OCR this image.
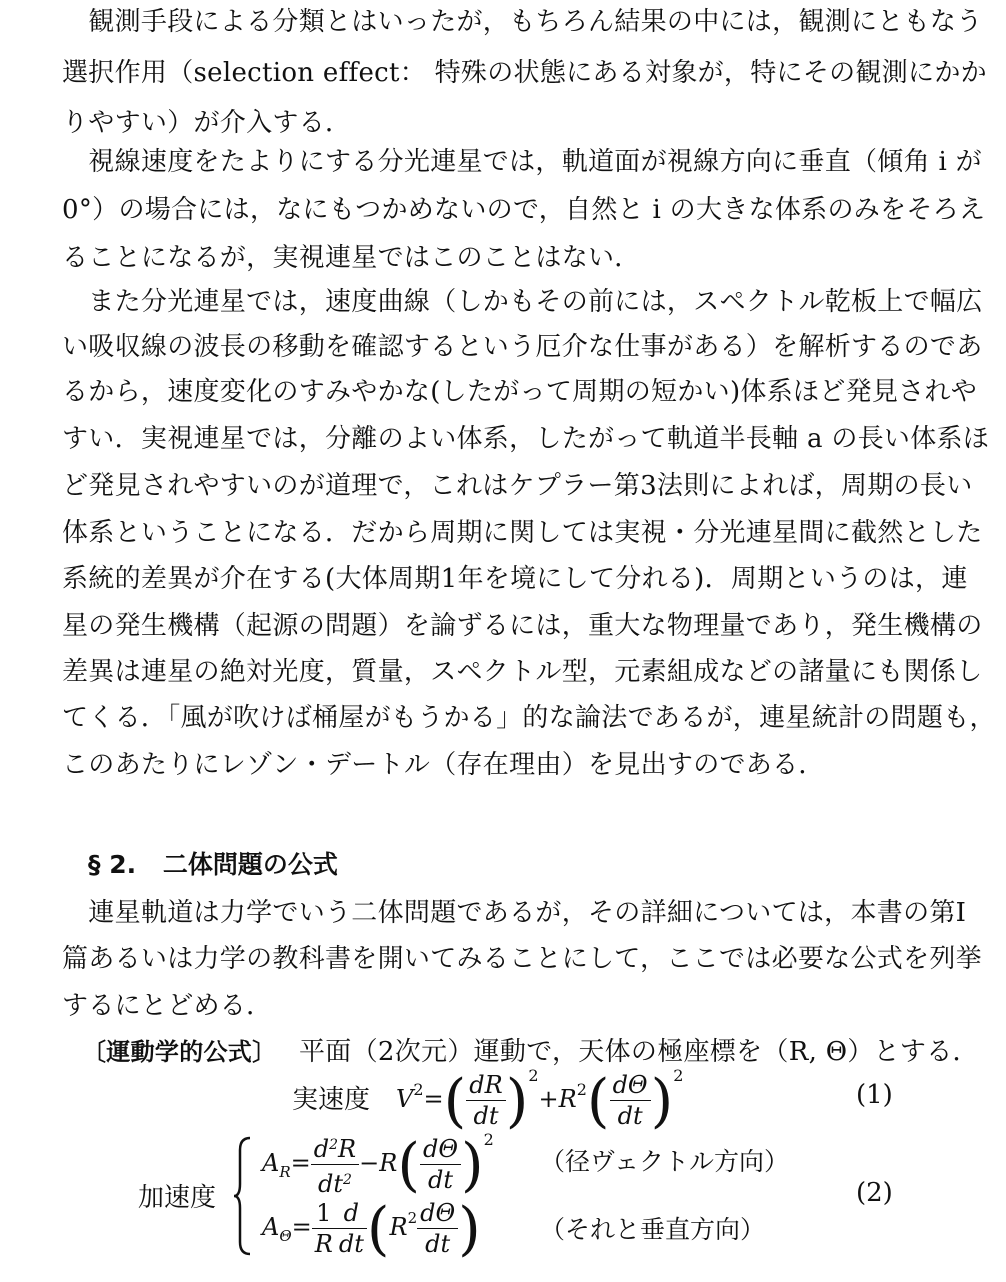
　観測手段による分類とはいったが，もちろん結果の中には，観測にともなう
選択作用（selection effect： 特殊の状態にある対象が，特にその観測にかか
りやすい）が介入する．
　視線速度をたよりにする分光連星では，軌道面が視線方向に垂直（傾角 i が
0°）の場合には，なにもつかめないので，自然と i の大きな体系のみをそろえ
ることになるが，実視連星ではこのことはない．
　また分光連星では，速度曲線（しかもその前には，スペクトル乾板上で幅広
い吸収線の波長の移動を確認するという厄介な仕事がある）を解析するのであ
るから，速度変化のすみやかな(したがって周期の短かい)体系ほど発見されや
すい．実視連星では，分離のよい体系，したがって軌道半長軸 a の長い体系ほ
ど発見されやすいのが道理で，これはケプラー第3法則によれば，周期の長い
体系ということになる．だから周期に関しては実視・分光連星間に截然とした
系統的差異が介在する(大体周期1年を境にして分れる)．周期というのは，連
星の発生機構（起源の問題）を論ずるには，重大な物理量であり，発生機構の
差異は連星の絶対光度，質量，スペクトル型，元素組成などの諸量にも関係し
てくる．「風が吹けば桶屋がもうかる」的な論法であるが，連星統計の問題も，
このあたりにレゾン・デートル（存在理由）を見出すのである．
§ 2. 二体問題の公式
　連星軌道は力学でいう二体問題であるが，その詳細については，本書の第Ⅰ
篇あるいは力学の教科書を開いてみることにして，ここでは必要な公式を列挙
するにとどめる．
〔運動学的公式〕 平面（2次元）運動で，天体の極座標を（R, Θ）とする．
実速度 $V^2=( \frac{dR}{dt} )^2+R^2( \frac{d\Theta}{dt} )^2$
(1)
加速度
$A_R= \frac{d^2R}{dt^2} -R( \frac{d\Theta}{dt} )^2$
（径ヴェクトル方向）
$A_\Theta= \frac{1}{R} \frac{d}{dt} (R^2 \frac{d\Theta}{dt}$ ) （それと垂直方向）
(2)
